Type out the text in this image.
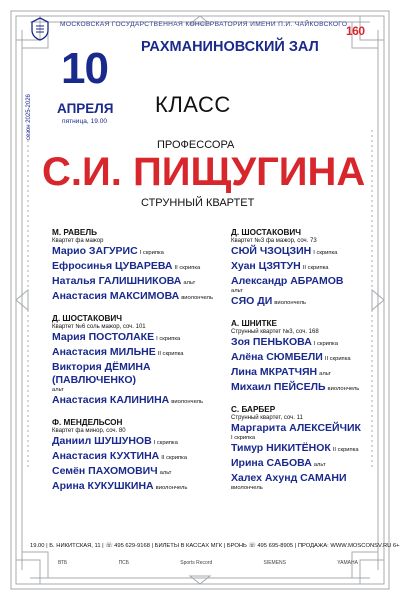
МОСКОВСКАЯ ГОСУДАРСТВЕННАЯ КОНСЕРВАТОРИЯ ИМЕНИ П.И. ЧАЙКОВСКОГО
160
РАХМАНИНОВСКИЙ ЗАЛ
10
АПРЕЛЯ
пятница, 19.00
сезон 2025-2026	КЛАСС
ПРОФЕССОРА
С.И. ПИЩУГИНА
СТРУННЫЙ КВАРТЕТ
М. РАВЕЛЬ
Квартет фа мажор
Марио ЗАГУРИС I скрипка
Ефросинья ЦУВАРЕВА II скрипка
Наталья ГАЛИШНИКОВА альт
Анастасия МАКСИМОВА виолончель
Д. ШОСТАКОВИЧ
Квартет №6 соль мажор, соч. 101
Мария ПОСТОЛАКЕ I скрипка
Анастасия МИЛЬНЕ II скрипка
Виктория ДЁМИНА
(ПАВЛЮЧЕНКО)
альт
Анастасия КАЛИНИНА виолончель
Ф. МЕНДЕЛЬСОН
Квартет фа минор, соч. 80
Даниил ШУШУНОВ I скрипка
Анастасия КУХТИНА II скрипка
Семён ПАХОМОВИЧ альт
Арина КУКУШКИНА виолончель
Д. ШОСТАКОВИЧ
Квартет №3 фа мажор, соч. 73
СЮЙ ЧЗОЦЗИН I скрипка
Хуан ЦЗЯТУН II скрипка
Александр АБРАМОВ
альт
СЯО ДИ виолончель
А. ШНИТКЕ
Струнный квартет №3, соч. 168
Зоя ПЕНЬКОВА I скрипка
Алёна СЮМБЕЛИ II скрипка
Лина МКРАТЧЯН альт
Михаил ПЕЙСЕЛЬ виолончель
С. БАРБЕР
Струнный квартет, соч. 11
Маргарита АЛЕКСЕЙЧИК
I скрипка
Тимур НИКИТЁНОК II скрипка
Ирина САБОВА альт
Халех Ахунд САМАНИ
виолончель
19.00 | Б. НИКИТСКАЯ, 11 | ☏ 495 629-9168 | БИЛЕТЫ В КАССАХ МГК | БРОНЬ ☏ 495 695-8905 | ПРОДАЖА: WWW.MOSCONSV.RU 6+
ВТБ	ПСБ	Sports Record	SIEMENS	YAMAHA
